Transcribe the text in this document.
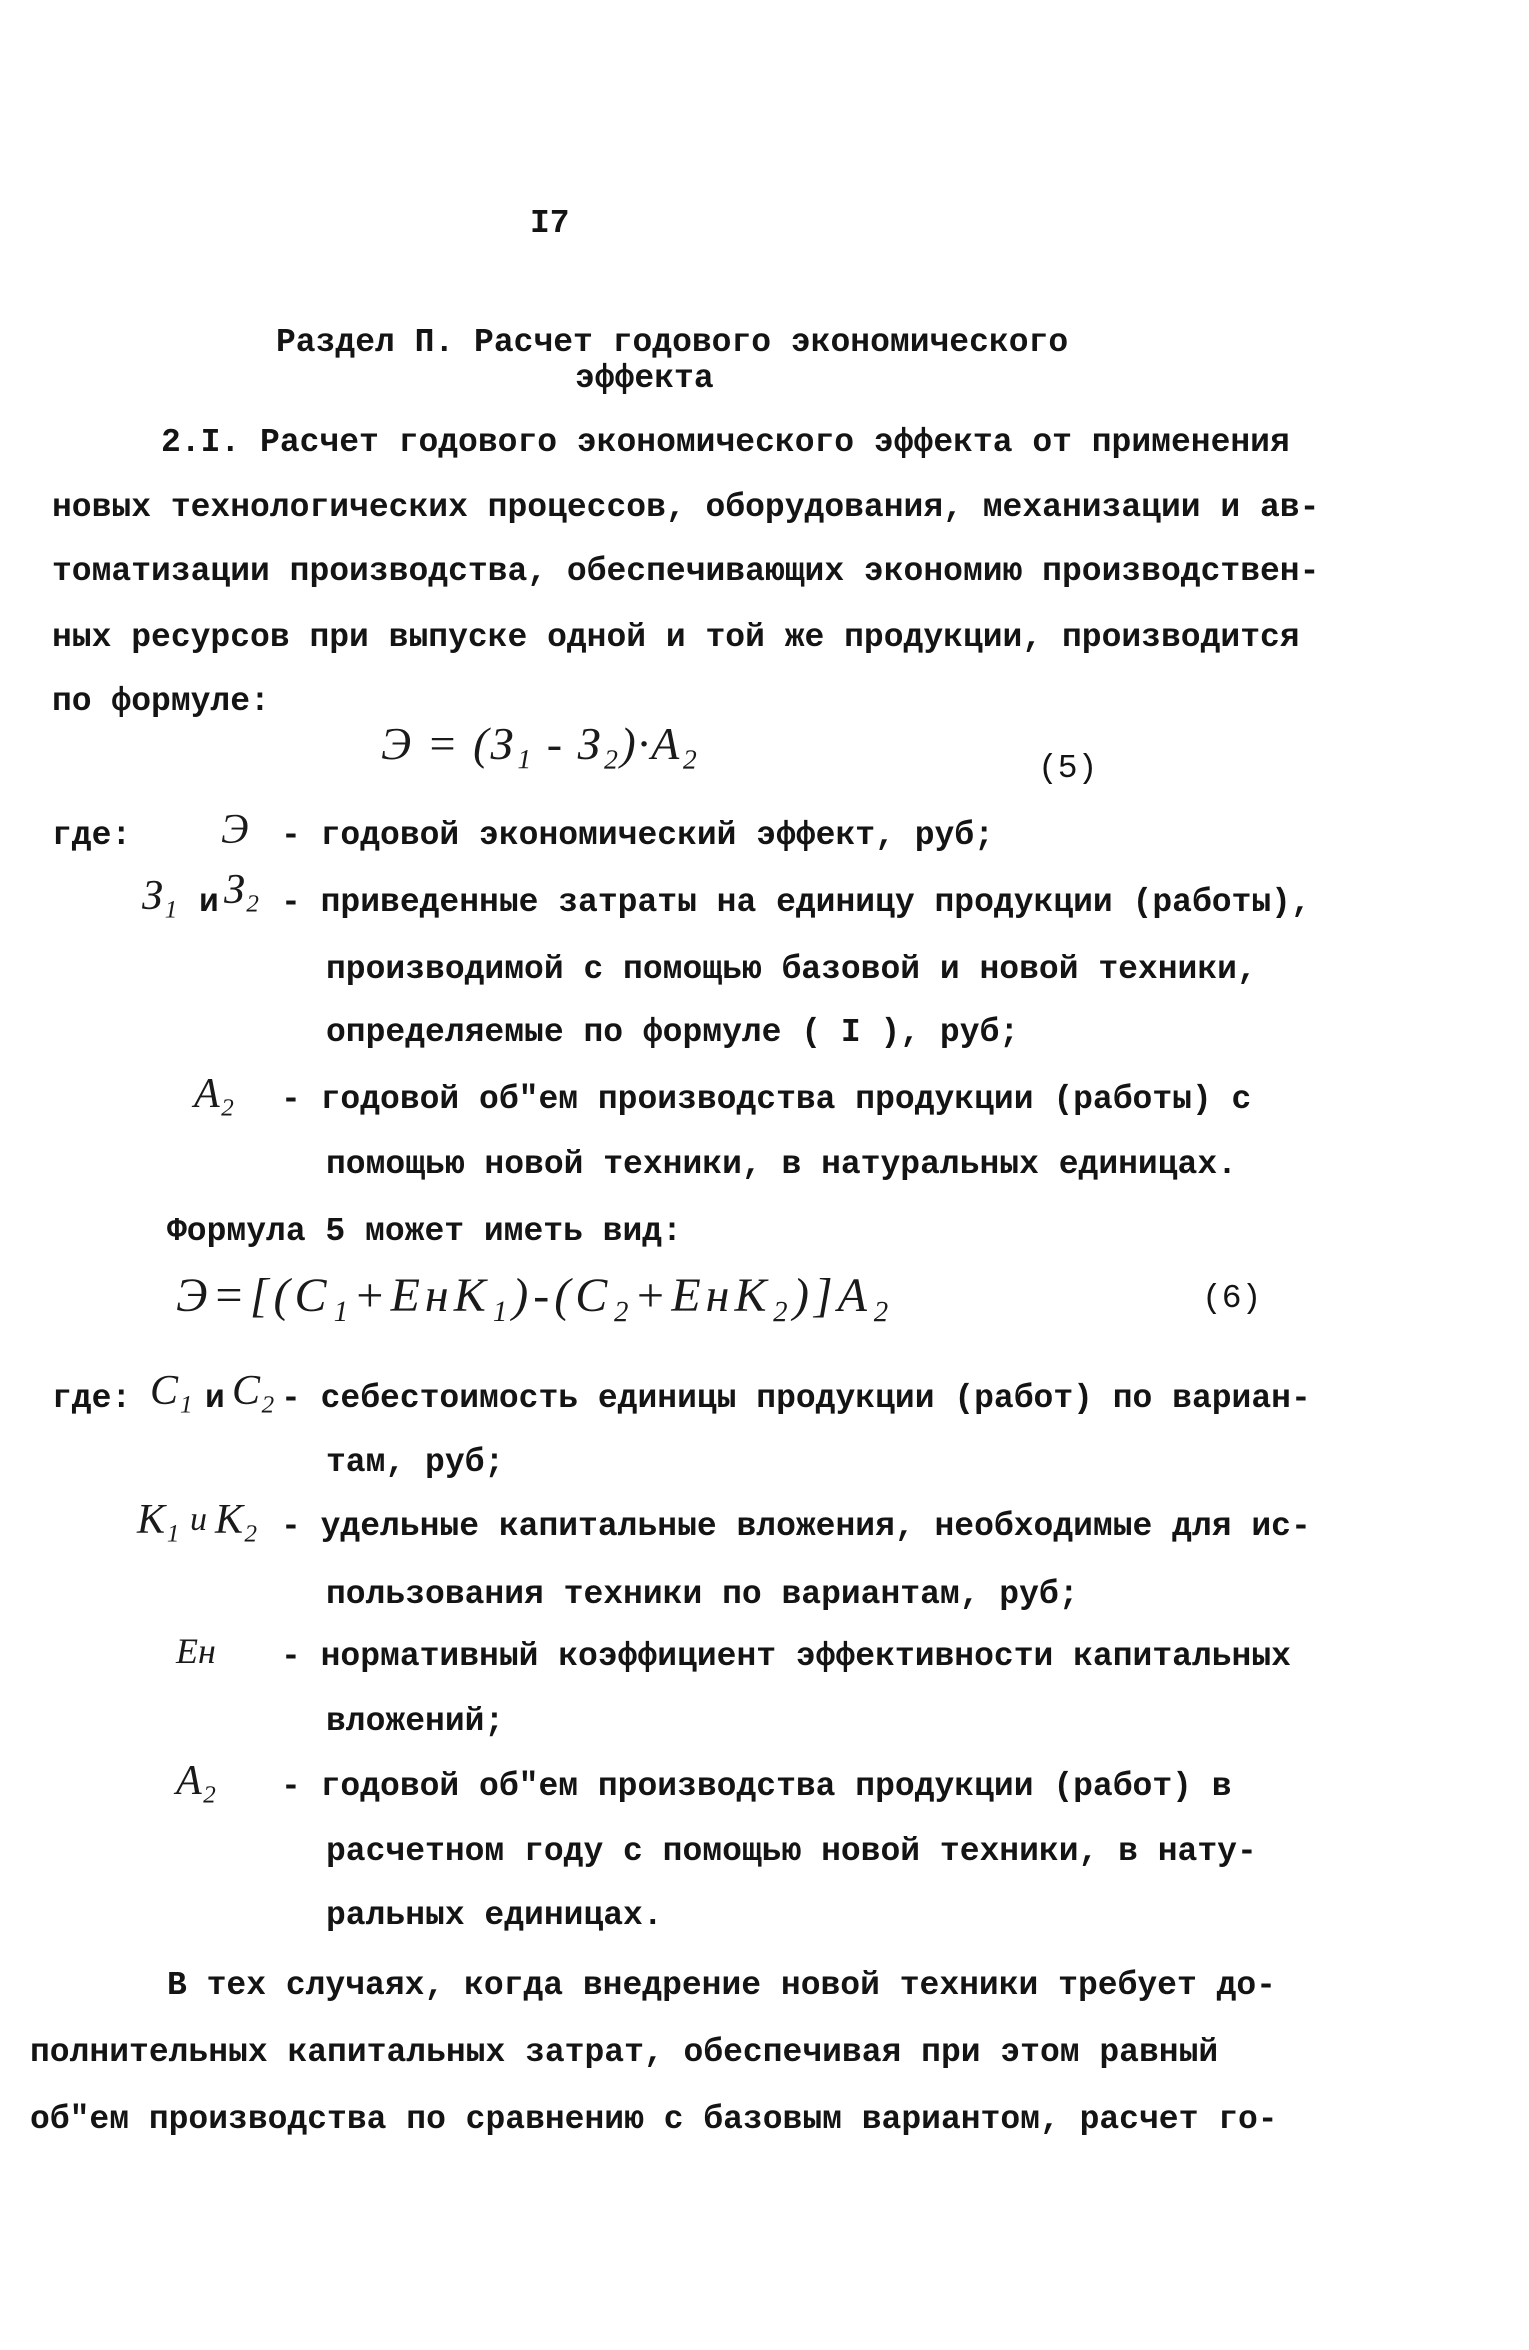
I7
Раздел П. Расчет годового экономического
эффекта
2.I. Расчет годового экономического эффекта от применения
новых технологических процессов, оборудования, механизации и ав-
томатизации производства, обеспечивающих экономию производствен-
ных ресурсов при выпуске одной и той же продукции, производится
по формуле:
Э = (З₁ - З₂)·А₂	(5)
где: Э - годовой экономический эффект, руб;
З₁ и З₂ - приведенные затраты на единицу продукции (работы),
производимой с помощью базовой и новой техники,
определяемые по формуле ( I ), руб;
А₂ - годовой об"ем производства продукции (работы) с
помощью новой техники, в натуральных единицах.
Формула 5 может иметь вид:
Э=[(С₁+ЕнК₁)-(С₂+ЕнК₂)]А₂	(6)
где: С₁ и С₂ - себестоимость единицы продукции (работ) по вариан-
там, руб;
К₁ и К₂ - удельные капитальные вложения, необходимые для ис-
пользования техники по вариантам, руб;
Ен - нормативный коэффициент эффективности капитальных
вложений;
А₂ - годовой об"ем производства продукции (работ) в
расчетном году с помощью новой техники, в нату-
ральных единицах.
В тех случаях, когда внедрение новой техники требует до-
полнительных капитальных затрат, обеспечивая при этом равный
об"ем производства по сравнению с базовым вариантом, расчет го-
